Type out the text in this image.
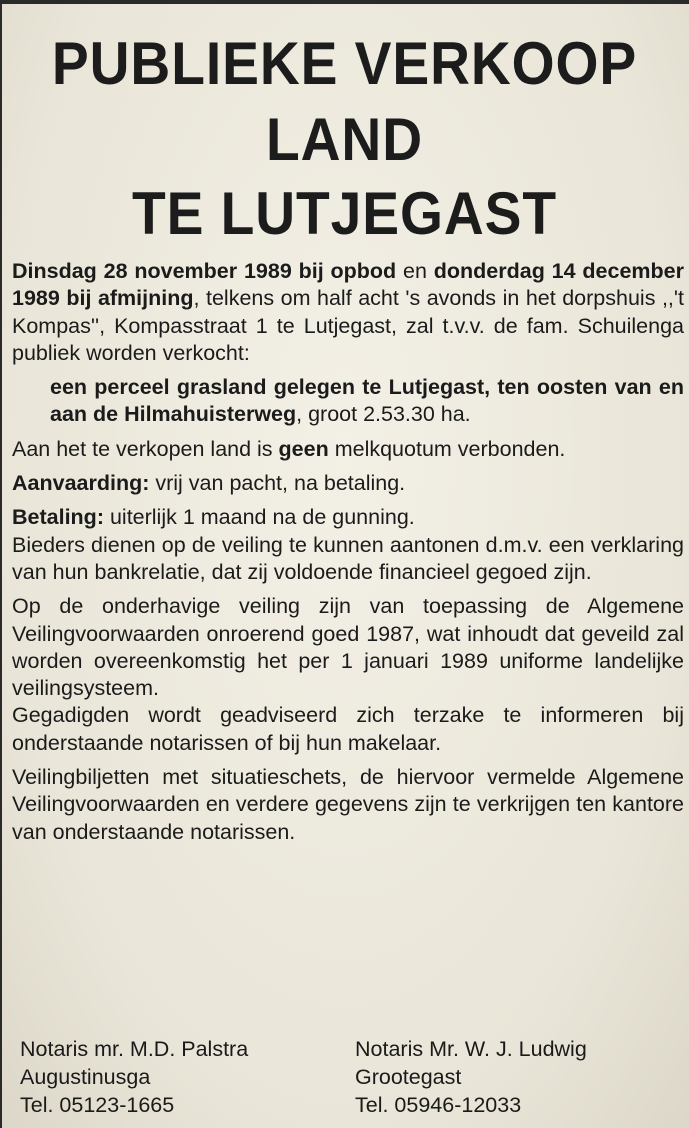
PUBLIEKE VERKOOP
LAND
TE LUTJEGAST

Dinsdag 28 november 1989 bij opbod en donderdag 14 december 1989 bij afmijning, telkens om half acht 's avonds in het dorpshuis ,,'t Kompas'', Kompasstraat 1 te Lutjegast, zal t.v.v. de fam. Schuilenga publiek worden verkocht:

een perceel grasland gelegen te Lutjegast, ten oosten van en aan de Hilmahuisterweg, groot 2.53.30 ha.

Aan het te verkopen land is geen melkquotum verbonden.

Aanvaarding: vrij van pacht, na betaling.

Betaling: uiterlijk 1 maand na de gunning.

Bieders dienen op de veiling te kunnen aantonen d.m.v. een verklaring van hun bankrelatie, dat zij voldoende financieel gegoed zijn.

Op de onderhavige veiling zijn van toepassing de Algemene Veilingvoorwaarden onroerend goed 1987, wat inhoudt dat geveild zal worden overeenkomstig het per 1 januari 1989 uniforme landelijke veilingsysteem.

Gegadigden wordt geadviseerd zich terzake te informeren bij onderstaande notarissen of bij hun makelaar.

Veilingbiljetten met situatieschets, de hiervoor vermelde Algemene Veilingvoorwaarden en verdere gegevens zijn te verkrijgen ten kantore van onderstaande notarissen.

Notaris mr. M.D. Palstra
Augustinusga
Tel. 05123-1665
Notaris Mr. W. J. Ludwig
Grootegast
Tel. 05946-12033
